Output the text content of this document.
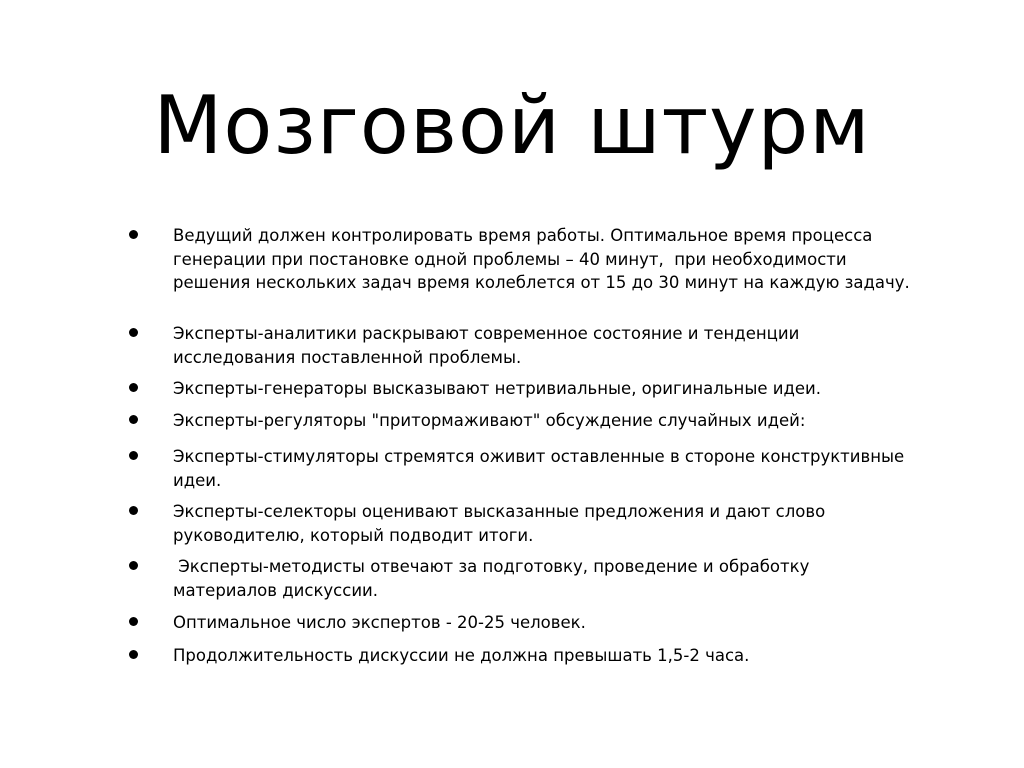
Мозговой штурм
Ведущий должен контролировать время работы. Оптимальное время процесса генерации при постановке одной проблемы – 40 минут,  при необходимости решения нескольких задач время колеблется от 15 до 30 минут на каждую задачу.
Эксперты-аналитики раскрывают современное состояние и тенденции исследования поставленной проблемы.
Эксперты-генераторы высказывают нетривиальные, оригинальные идеи.
Эксперты-регуляторы "притормаживают" обсуждение случайных идей:
Эксперты-стимуляторы стремятся оживит оставленные в стороне конструктивные идеи.
Эксперты-селекторы оценивают высказанные предложения и дают слово руководителю, который подводит итоги.
Эксперты-методисты отвечают за подготовку, проведение и обработку материалов дискуссии.
Оптимальное число экспертов - 20-25 человек.
Продолжительность дискуссии не должна превышать 1,5-2 часа.
